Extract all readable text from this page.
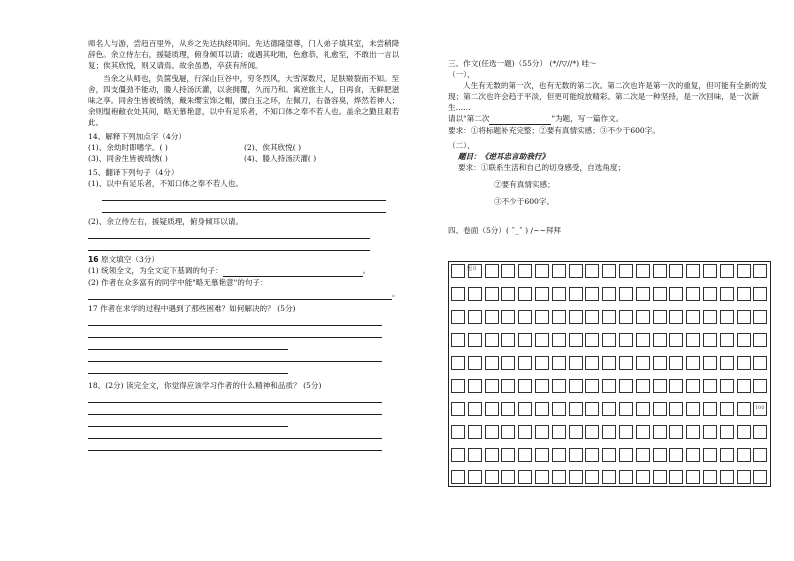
师名人与游，尝趋百里外，从乡之先达执经叩问。先达德隆望尊，门人弟子填其室，未尝稍降辞色。余立侍左右，援疑质理，俯身倾耳以请；或遇其叱咄，色愈恭，礼愈至，不敢出一言以复；俟其欣悦，则又请焉。故余虽愚，卒获有所闻。

当余之从师也，负箧曳屣，行深山巨谷中，穷冬烈风，大雪深数尺，足肤皲裂而不知。至舍，四支僵劲不能动，媵人持汤沃灌，以衾拥覆，久而乃和。寓逆旅主人，日再食，无鲜肥滋味之享。同舍生皆被绮绣，戴朱缨宝饰之帽，腰白玉之环，左佩刀，右备容臭，烨然若神人；余则缊袍敝衣处其间，略无慕艳意，以中有足乐者，不知口体之奉不若人也。盖余之勤且艰若此。

14、解释下列加点字（4分）

(1)、余幼时即嗜学。( )	(2)、俟其欣悦( )
(3)、同舍生皆被绮绣( )	(4)、媵人持汤沃灌( )

15、翻译下列句子（4分）

(1)、以中有足乐者，不知口体之奉不若人也。

(2)、余立侍左右，援疑质理，俯身倾耳以请。

16 原文填空（3分）

(1) 统领全文，为全文定下基调的句子：	。

(2) 作者在众多富有的同学中能"略无慕艳意"的句子：

。

17 作者在求学的过程中遇到了那些困难？如何解决的？ (5分)

18、(2分) 读完全文，你觉得应该学习作者的什么精神和品质？ (5分)

三、作文(任选一题)（55分） (*//▽//*) 哇～

（一）、

人生有无数的第一次，也有无数的第二次。第二次也许是第一次的重复，但可能有全新的发现；第二次也许会趋于平淡，但更可能绽放精彩。第二次是一种坚持，是一次回味，是一次新生……

请以"第二次	"为题，写一篇作文。

要求：①将标题补充完整；②要有真情实感；③不少于600字。

（二）、

题目：《逆耳忠言助我行》

要求：①联系生活和自己的切身感受，自选角度；

②要有真情实感；

③不少于600字。

四、卷面（5分）( ˇ_ˇ ) /~~拜拜

题目
100
